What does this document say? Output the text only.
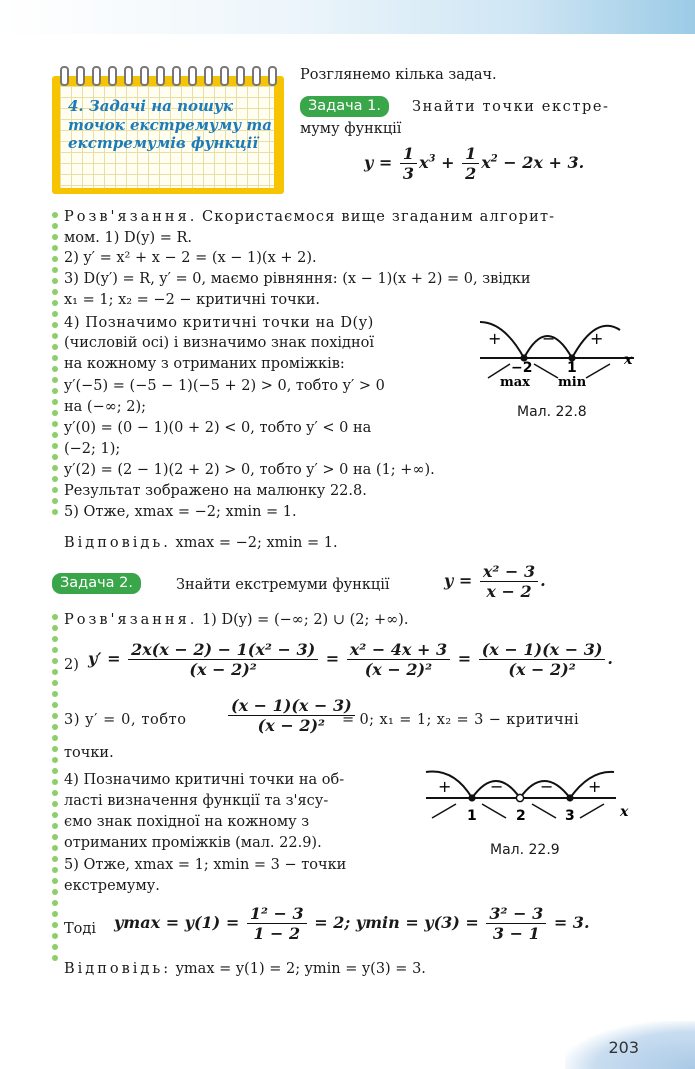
4. Задачі на пошук точок екстремуму та екстремумів функції
Розглянемо кілька задач.
Задача 1.	Знайти точки екстре-
муму функції
$y = \frac{1}{3} x^3 + \frac{1}{2} x^2 - 2x + 3$.
Розв'язання. Скористаємося вище згаданим алгорит-
мом. 1) D(y) = R.
2) y′ = x² + x − 2 = (x − 1)(x + 2).
3) D(y′) = R, y′ = 0, маємо рівняння: (x − 1)(x + 2) = 0, звідки
x₁ = 1; x₂ = −2 − критичні точки.
4) Позначимо критичні точки на D(y)
(числовій осі) і визначимо знак похідної
на кожному з отриманих проміжків:
y′(−5) = (−5 − 1)(−5 + 2) > 0, тобто y′ > 0
на (−∞; 2);
y′(0) = (0 − 1)(0 + 2) < 0, тобто y′ < 0 на
(−2; 1);
y′(2) = (2 − 1)(2 + 2) > 0, тобто y′ > 0 на (1; +∞).
Результат зображено на малюнку 22.8.
5) Отже, xmax = −2; xmin = 1.
Відповідь. xmax = −2; xmin = 1.
+	− +
−2 1
max min
x
Мал. 22.8
Задача 2.	Знайти екстремуми функції	$y = \frac{\text{x² − 3}}{x - 2}$ .
Розв'язання. 1) D(y) = (−∞; 2) ∪ (2; +∞).
2) $y' = \frac{\text{2x(x − 2) − 1(x² − 3)}}{\text{(x − 2)²}} = \frac{\text{x² − 4x + 3}}{\text{(x − 2)²}} = \frac{(x - 1)(x - 3)}{\text{(x − 2)²}}$ .
3) y′ = 0, тобто	$\frac{(x - 1)(x - 3)}{\text{(x − 2)²}}$
= 0; x₁ = 1; x₂ = 3 − критичні
точки.
4) Позначимо критичні точки на об-
ласті визначення функції та з'ясу-
ємо знак похідної на кожному з
отриманих проміжків (мал. 22.9).
5) Отже, xmax = 1; xmin = 3 − точки
екстремуму.
+ − − +
1	2	3	x
Мал. 22.9
Тоді $ymax = y(1) = \frac{\text{1² − 3}}{1 - 2} = 2$; $ymin = y(3) = \frac{\text{3² − 3}}{3 - 1} = 3$.
Відповідь: ymax = y(1) = 2; ymin = y(3) = 3.
203
